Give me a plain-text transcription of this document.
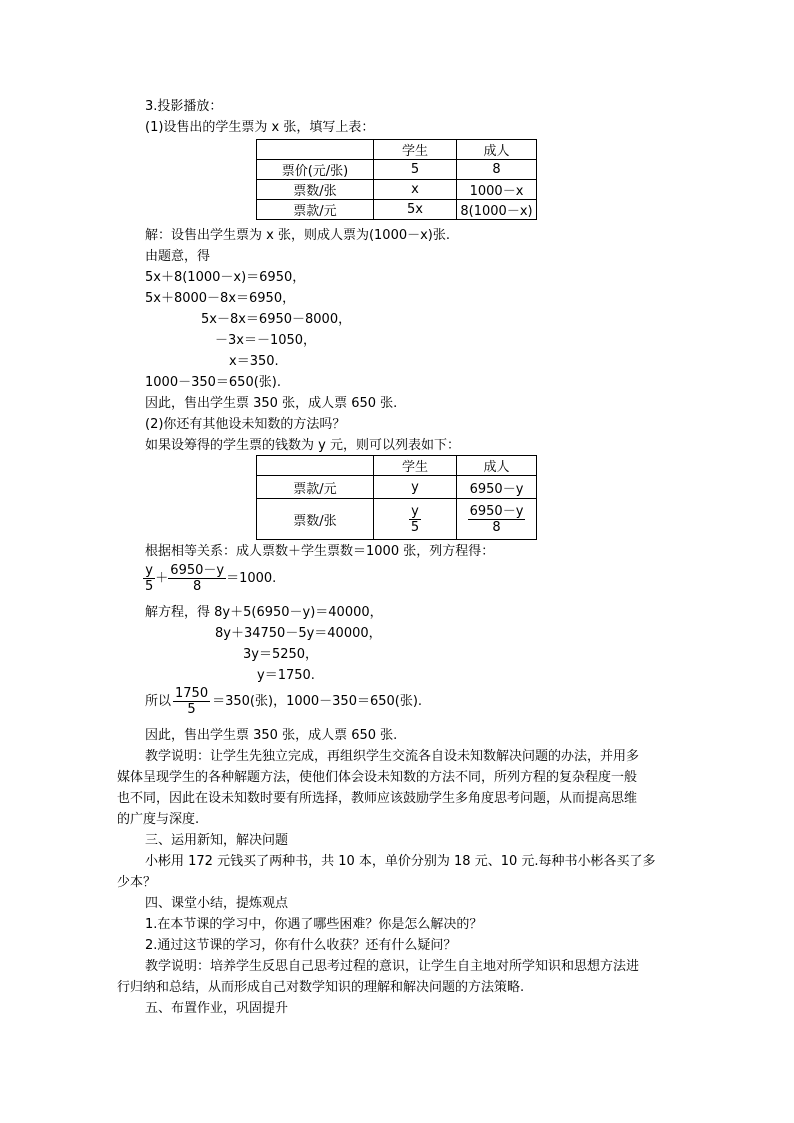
3.投影播放：
(1)设售出的学生票为 x 张，填写上表：
	学生	成人
票价(元/张)	5	8
票数/张	x	1000－x
票款/元	5x	8(1000－x)
解：设售出学生票为 x 张，则成人票为(1000－x)张.
由题意，得
5x＋8(1000－x)＝6950，
5x＋8000－8x＝6950，
5x－8x＝6950－8000，
－3x＝－1050，
x＝350.
1000－350＝650(张).
因此，售出学生票 350 张，成人票 650 张.
(2)你还有其他设未知数的方法吗？
如果设筹得的学生票的钱数为 y 元，则可以列表如下：
	学生	成人
票款/元	y	6950－y
票数/张	$\frac{y}{5}$	$\frac{6950-y}{8}$
根据相等关系：成人票数＋学生票数＝1000 张，列方程得：
$\frac{y}{5} + \frac{6950-y}{8} =1000$.
解方程，得 8y＋5(6950－y)＝40000，
8y＋34750－5y＝40000，
3y＝5250，
y＝1750.
所以 $\frac{1750}{5} =350$(张)，1000－350＝650(张).
因此，售出学生票 350 张，成人票 650 张.
教学说明：让学生先独立完成，再组织学生交流各自设未知数解决问题的办法，并用多
媒体呈现学生的各种解题方法，使他们体会设未知数的方法不同，所列方程的复杂程度一般
也不同，因此在设未知数时要有所选择，教师应该鼓励学生多角度思考问题，从而提高思维
的广度与深度.
三、运用新知，解决问题
小彬用 172 元钱买了两种书，共 10 本，单价分别为 18 元、10 元.每种书小彬各买了多
少本？
四、课堂小结，提炼观点
1.在本节课的学习中，你遇了哪些困难？你是怎么解决的？
2.通过这节课的学习，你有什么收获？还有什么疑问？
教学说明：培养学生反思自己思考过程的意识，让学生自主地对所学知识和思想方法进
行归纳和总结，从而形成自己对数学知识的理解和解决问题的方法策略.
五、布置作业，巩固提升
